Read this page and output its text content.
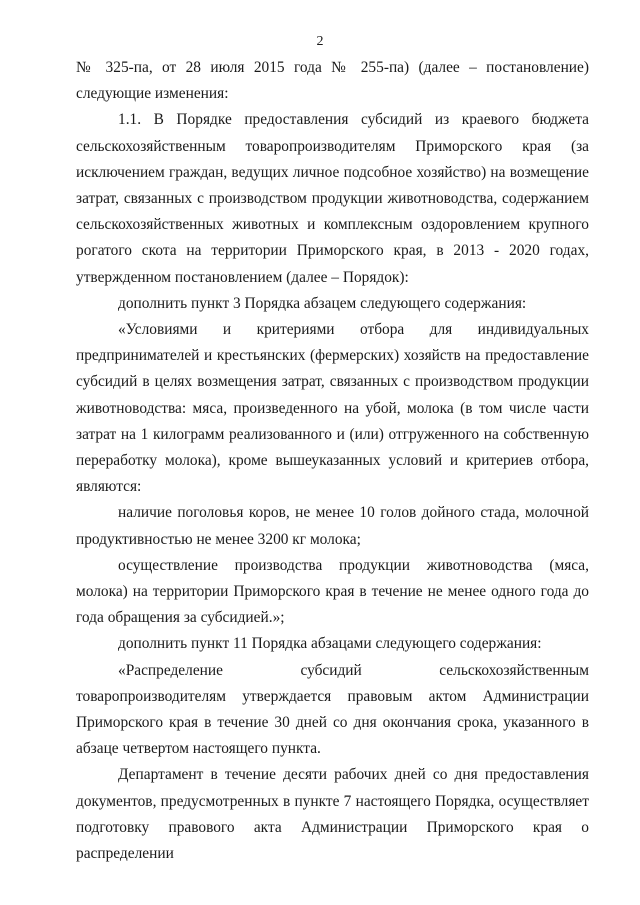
2

№ 325-па, от 28 июля 2015 года № 255-па) (далее – постановление) следующие изменения:

1.1. В Порядке предоставления субсидий из краевого бюджета сельскохозяйственным товаропроизводителям Приморского края (за исключением граждан, ведущих личное подсобное хозяйство) на возмещение затрат, связанных с производством продукции животноводства, содержанием сельскохозяйственных животных и комплексным оздоровлением крупного рогатого скота на территории Приморского края, в 2013 - 2020 годах, утвержденном постановлением (далее – Порядок):

дополнить пункт 3 Порядка абзацем следующего содержания:

«Условиями и критериями отбора для индивидуальных предпринимателей и крестьянских (фермерских) хозяйств на предоставление субсидий в целях возмещения затрат, связанных с производством продукции животноводства: мяса, произведенного на убой, молока (в том числе части затрат на 1 килограмм реализованного и (или) отгруженного на собственную переработку молока), кроме вышеуказанных условий и критериев отбора, являются:

наличие поголовья коров, не менее 10 голов дойного стада, молочной продуктивностью не менее 3200 кг молока;

осуществление производства продукции животноводства (мяса, молока) на территории Приморского края в течение не менее одного года до года обращения за субсидией.»;

дополнить пункт 11 Порядка абзацами следующего содержания:

«Распределение субсидий сельскохозяйственным товаропроизводителям утверждается правовым актом Администрации Приморского края в течение 30 дней со дня окончания срока, указанного в абзаце четвертом настоящего пункта.

Департамент в течение десяти рабочих дней со дня предоставления документов, предусмотренных в пункте 7 настоящего Порядка, осуществляет подготовку правового акта Администрации Приморского края о распределении
